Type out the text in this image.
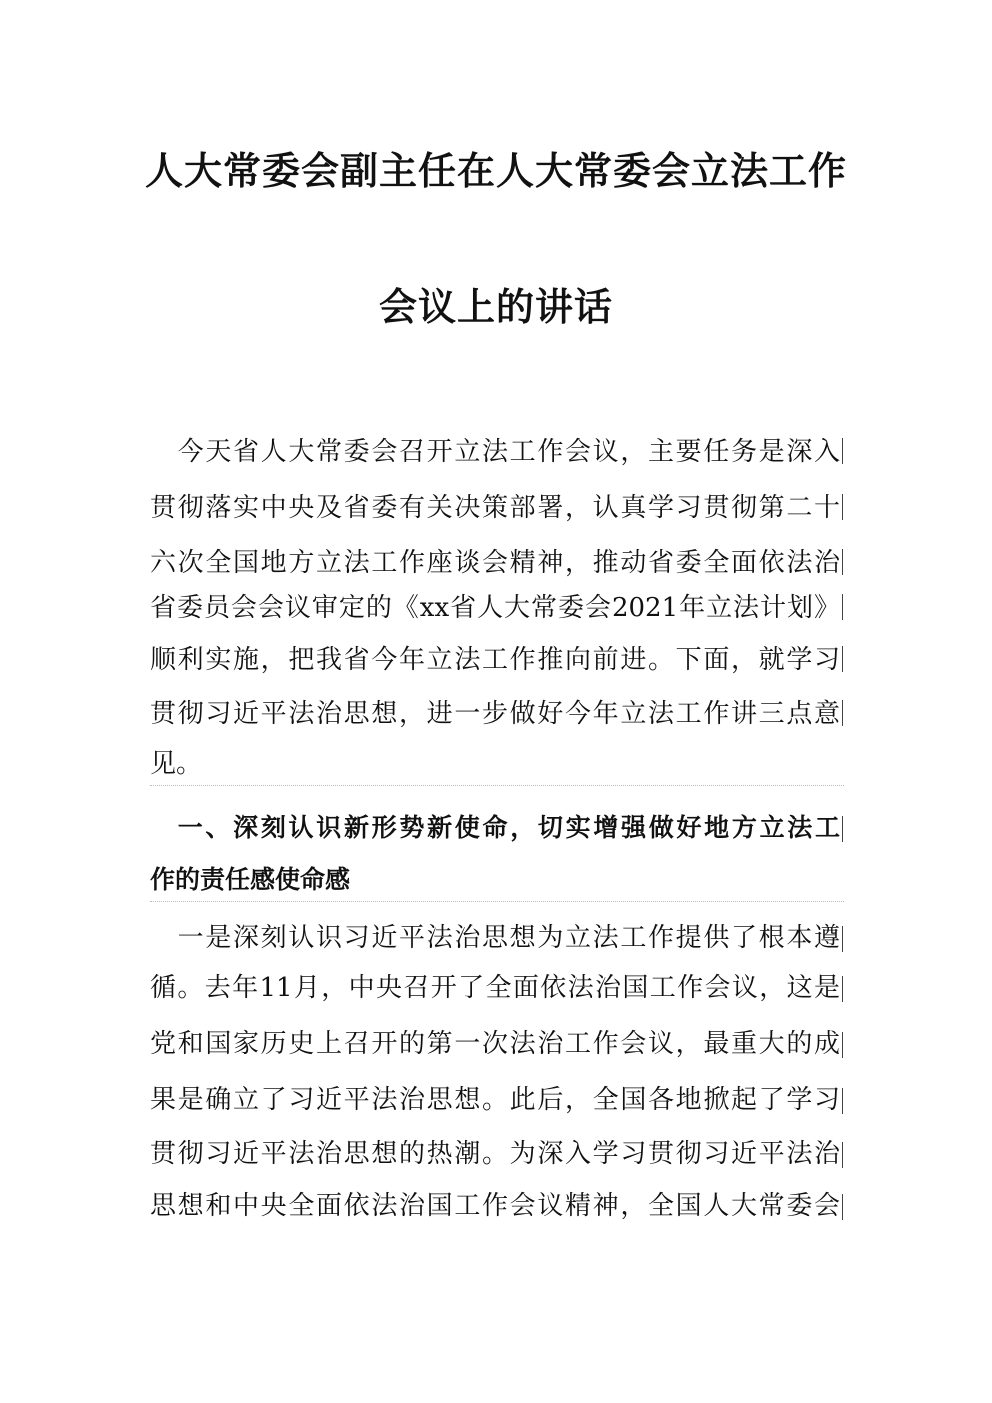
人大常委会副主任在人大常委会立法工作
会议上的讲话
　今天省人大常委会召开立法工作会议，主要任务是深入
贯彻落实中央及省委有关决策部署，认真学习贯彻第二十
六次全国地方立法工作座谈会精神，推动省委全面依法治
省委员会会议审定的《xx省人大常委会2021年立法计划》
顺利实施，把我省今年立法工作推向前进。下面，就学习
贯彻习近平法治思想，进一步做好今年立法工作讲三点意
见。
　一、深刻认识新形势新使命，切实增强做好地方立法工
作的责任感使命感
　一是深刻认识习近平法治思想为立法工作提供了根本遵
循。去年11月，中央召开了全面依法治国工作会议，这是
党和国家历史上召开的第一次法治工作会议，最重大的成
果是确立了习近平法治思想。此后，全国各地掀起了学习
贯彻习近平法治思想的热潮。为深入学习贯彻习近平法治
思想和中央全面依法治国工作会议精神，全国人大常委会
